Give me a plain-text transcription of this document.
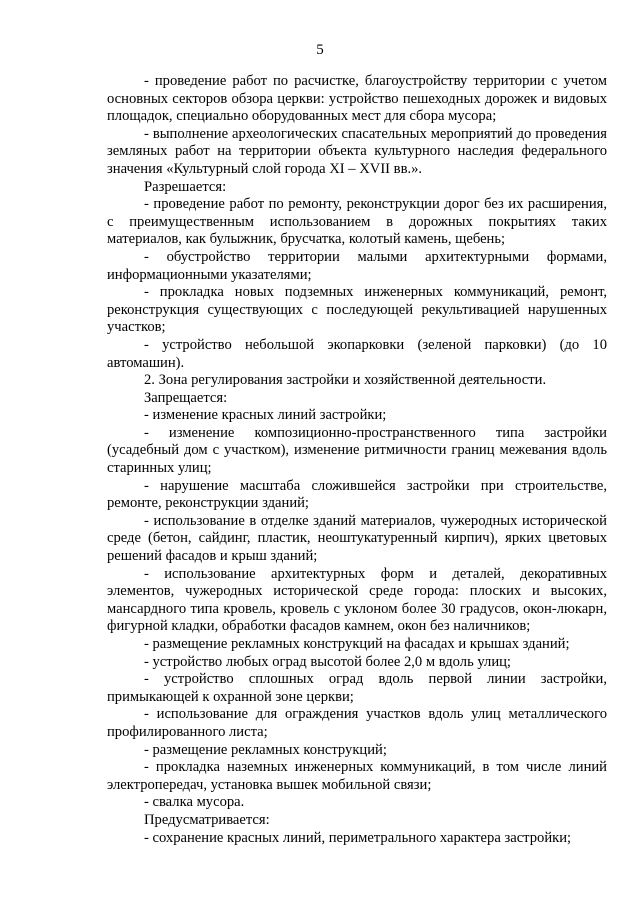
5

- проведение работ по расчистке, благоустройству территории с учетом основных секторов обзора церкви: устройство пешеходных дорожек и видовых площадок, специально оборудованных мест для сбора мусора;

- выполнение археологических спасательных мероприятий до проведения земляных работ на территории объекта культурного наследия федерального значения «Культурный слой города XI – XVII вв.».

Разрешается:

- проведение работ по ремонту, реконструкции дорог без их расширения, с преимущественным использованием в дорожных покрытиях таких материалов, как булыжник, брусчатка, колотый камень, щебень;

- обустройство территории малыми архитектурными формами, информационными указателями;

- прокладка новых подземных инженерных коммуникаций, ремонт, реконструкция существующих с последующей рекультивацией нарушенных участков;

- устройство небольшой экопарковки (зеленой парковки) (до 10 автомашин).

2. Зона регулирования застройки и хозяйственной деятельности.

Запрещается:

- изменение красных линий застройки;

- изменение композиционно-пространственного типа застройки (усадебный дом с участком), изменение ритмичности границ межевания вдоль старинных улиц;

- нарушение масштаба сложившейся застройки при строительстве, ремонте, реконструкции зданий;

- использование в отделке зданий материалов, чужеродных исторической среде (бетон, сайдинг, пластик, неоштукатуренный кирпич), ярких цветовых решений фасадов и крыш зданий;

- использование архитектурных форм и деталей, декоративных элементов, чужеродных исторической среде города: плоских и высоких, мансардного типа кровель, кровель с уклоном более 30 градусов, окон-люкарн, фигурной кладки, обработки фасадов камнем, окон без наличников;

- размещение рекламных конструкций на фасадах и крышах зданий;

- устройство любых оград высотой более 2,0 м вдоль улиц;

- устройство сплошных оград вдоль первой линии застройки, примыкающей к охранной зоне церкви;

- использование для ограждения участков вдоль улиц металлического профилированного листа;

- размещение рекламных конструкций;

- прокладка наземных инженерных коммуникаций, в том числе линий электропередач, установка вышек мобильной связи;

- свалка мусора.

Предусматривается:

- сохранение красных линий, периметрального характера застройки;
